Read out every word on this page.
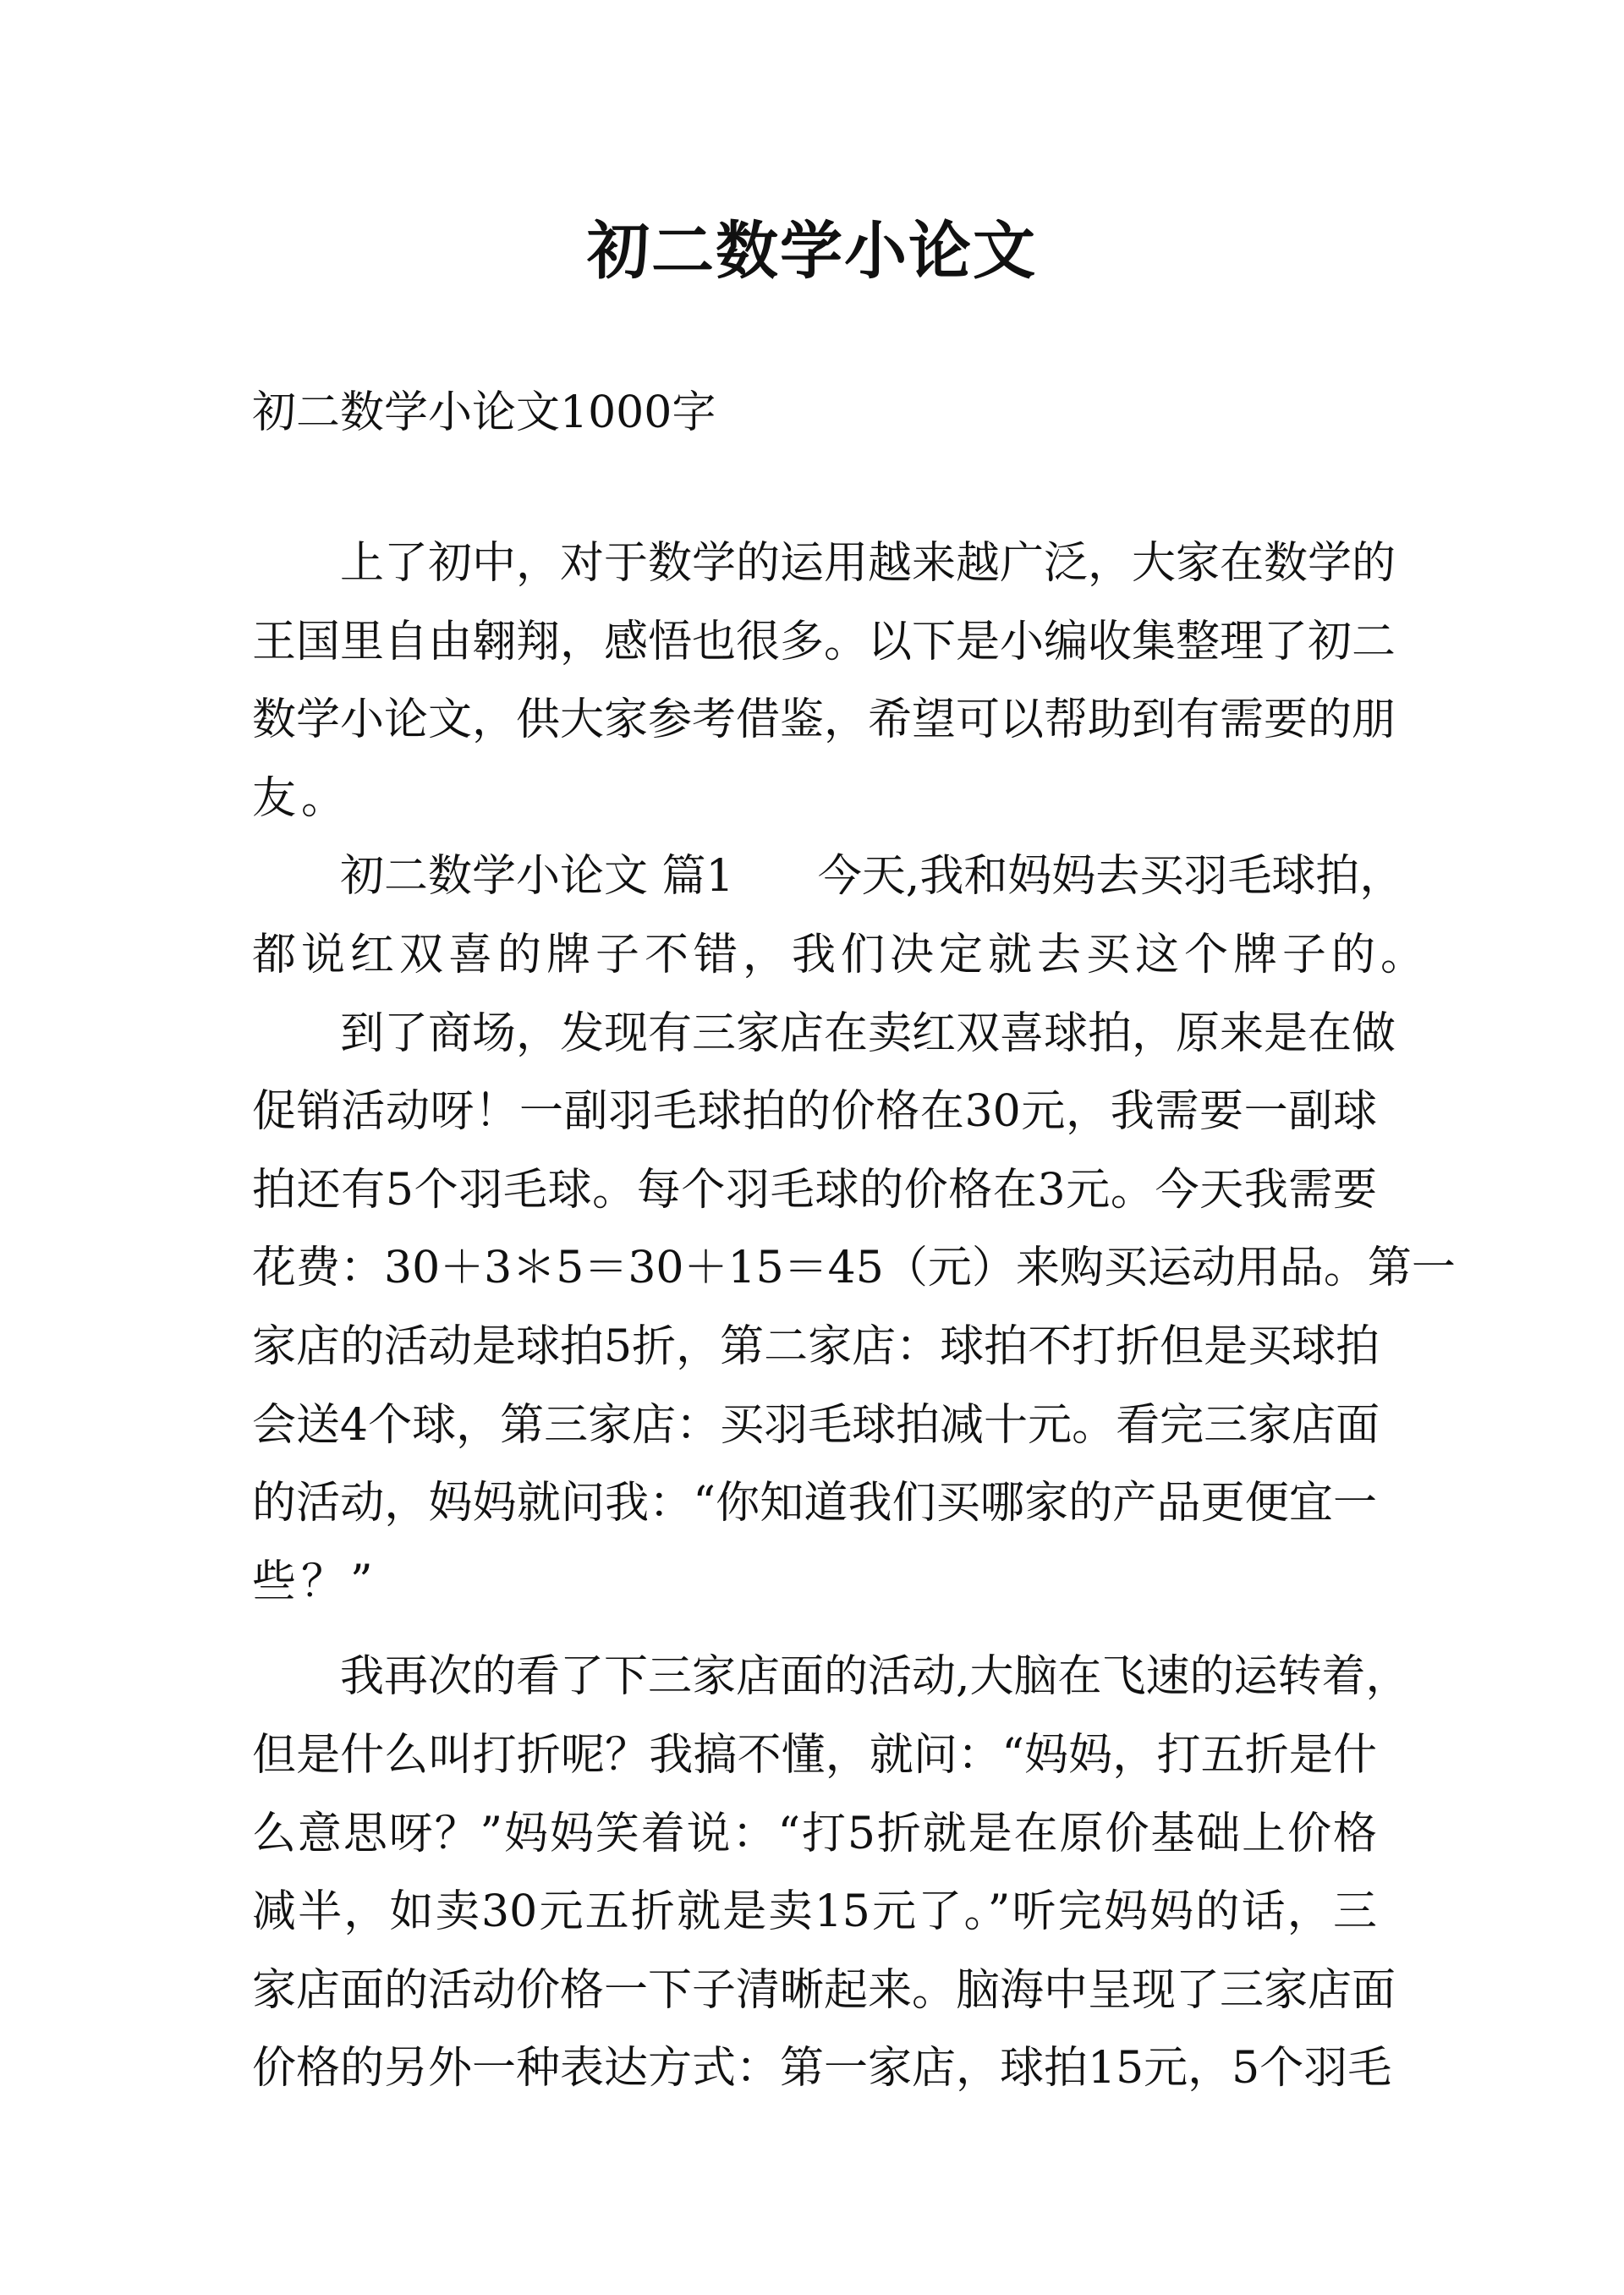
初二数学小论文
初二数学小论文1000字
上了初中，对于数学的运用越来越广泛，大家在数学的
王国里自由翱翔，感悟也很多。以下是小编收集整理了初二
数学小论文，供大家参考借鉴，希望可以帮助到有需要的朋
友。
初二数学小论文 篇1      今天,我和妈妈去买羽毛球拍，
都说红双喜的牌子不错，我们决定就去买这个牌子的。
到了商场，发现有三家店在卖红双喜球拍，原来是在做
促销活动呀！一副羽毛球拍的价格在30元，我需要一副球
拍还有5个羽毛球。每个羽毛球的价格在3元。今天我需要
花费：30＋3＊5＝30＋15＝45（元）来购买运动用品。第一
家店的活动是球拍5折，第二家店：球拍不打折但是买球拍
会送4个球，第三家店：买羽毛球拍减十元。看完三家店面
的活动，妈妈就问我：“你知道我们买哪家的产品更便宜一
些？”
我再次的看了下三家店面的活动,大脑在飞速的运转着，
但是什么叫打折呢？我搞不懂，就问：“妈妈，打五折是什
么意思呀？”妈妈笑着说：“打5折就是在原价基础上价格
减半，如卖30元五折就是卖15元了。”听完妈妈的话，三
家店面的活动价格一下子清晰起来。脑海中呈现了三家店面
价格的另外一种表达方式：第一家店，球拍15元，5个羽毛
